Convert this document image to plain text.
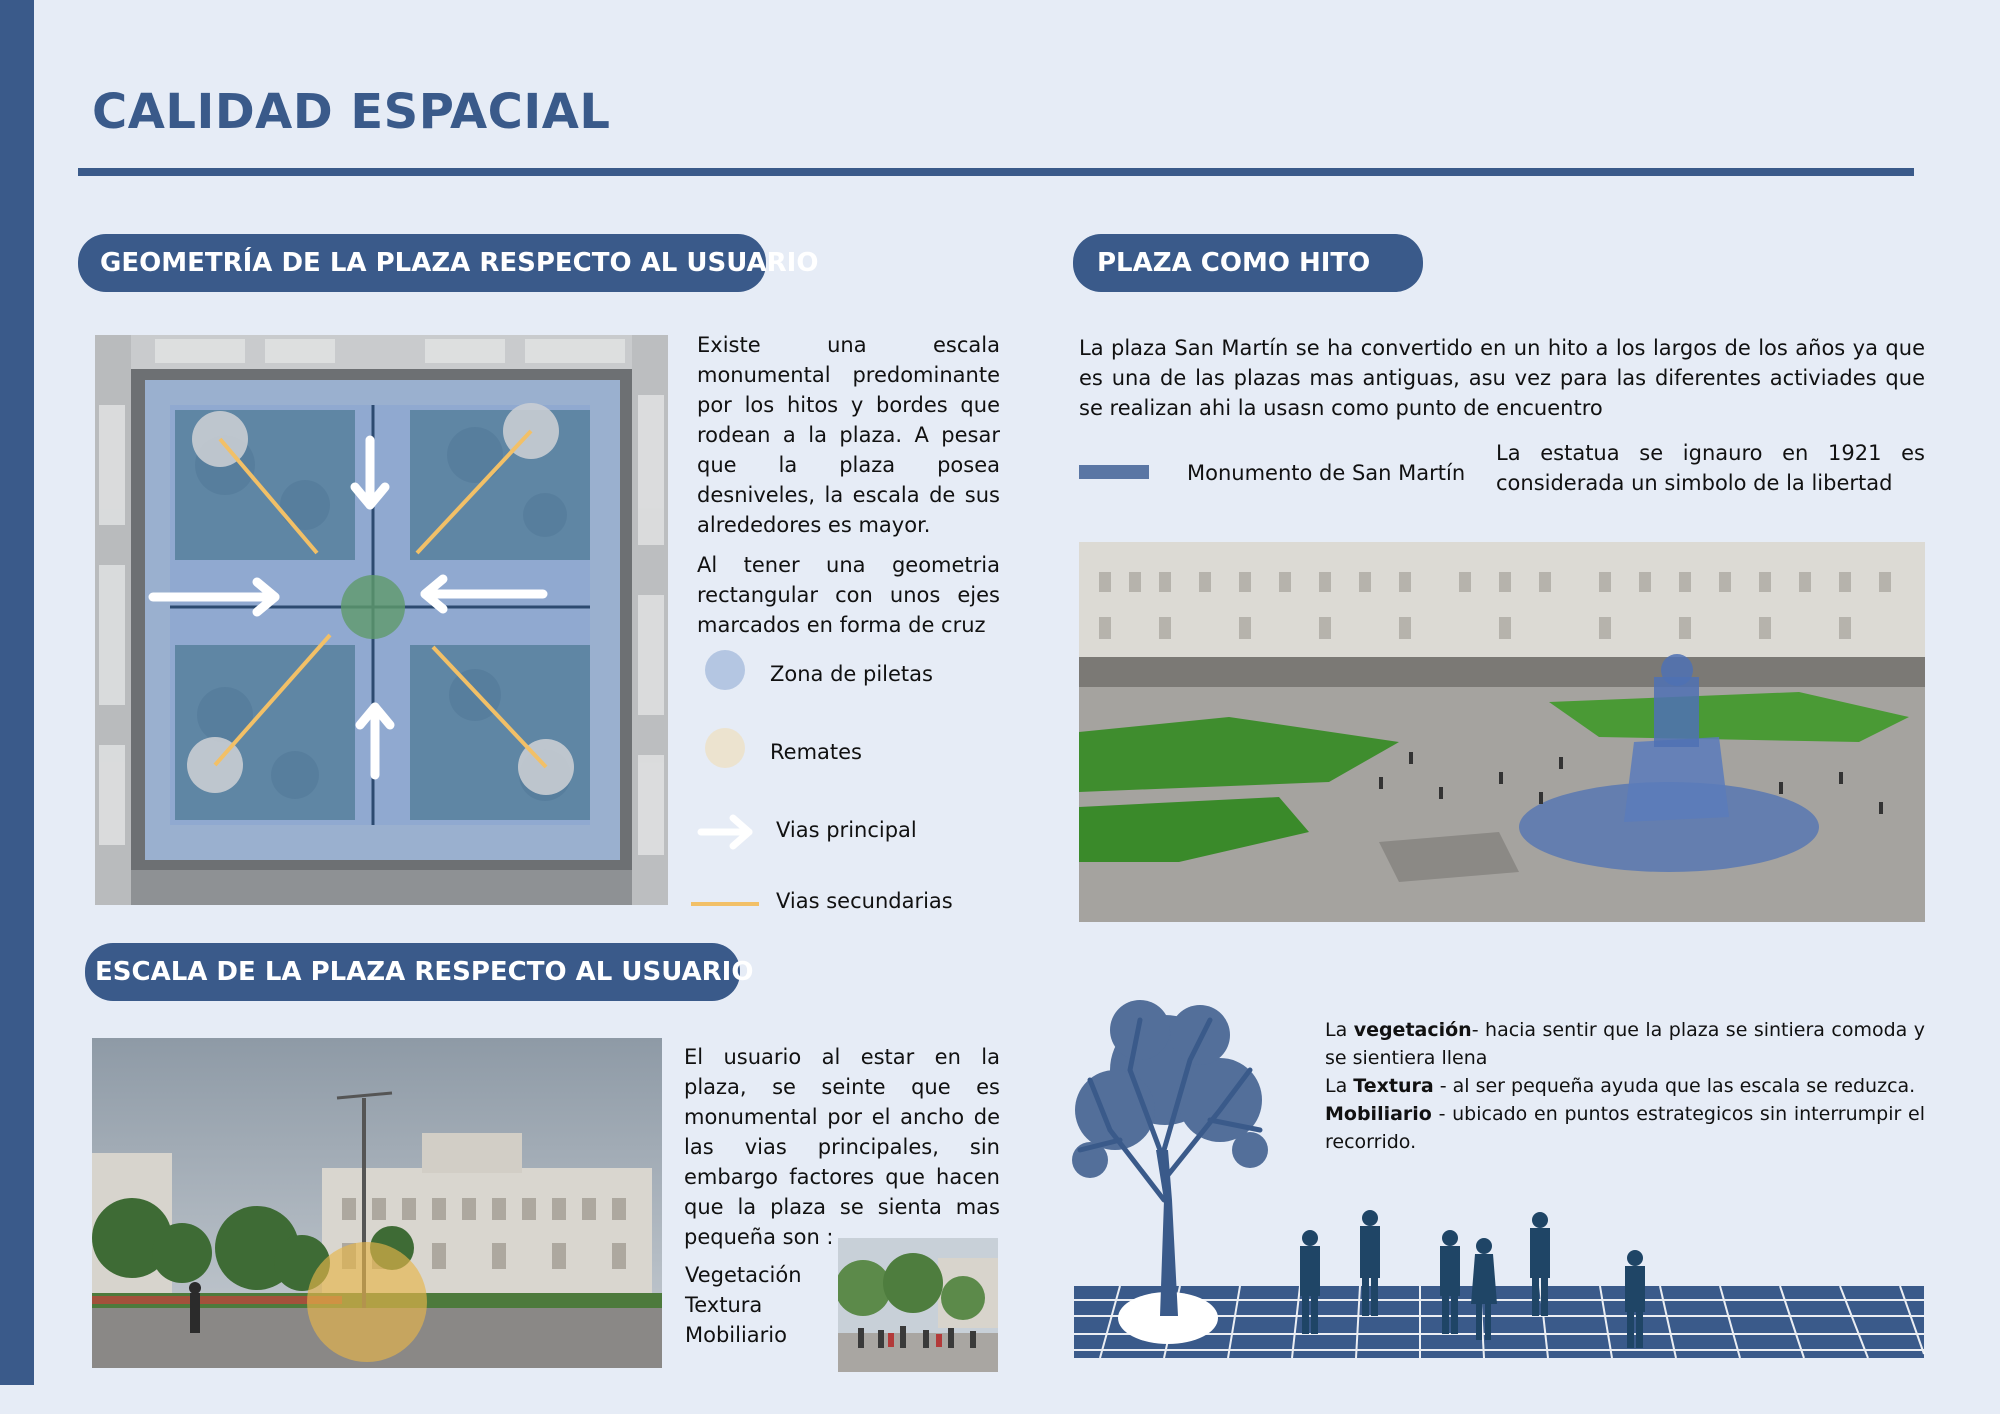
CALIDAD ESPACIAL
GEOMETRÍA DE LA PLAZA RESPECTO AL USUARIO
Existe una escala monumental predominante por los hitos y bordes que rodean a la plaza. A pesar que la plaza posea desniveles, la escala de sus alrededores es mayor.
Al tener una geometria rectangular con unos ejes marcados en forma de cruz
Zona de piletas
Remates
Vias principal
Vias secundarias
ESCALA DE LA PLAZA RESPECTO AL USUARIO
El usuario al estar en la plaza, se seinte que es monumental por el ancho de las vias principales, sin embargo factores que hacen que la plaza se sienta mas pequeña son :
Vegetación
Textura
Mobiliario
PLAZA COMO HITO
La plaza San Martín se ha convertido en un hito a los largos de los años ya que es una de las plazas mas antiguas, asu vez para las diferentes activiades que se realizan ahi la usasn como punto de encuentro
Monumento de San Martín
La estatua se ignauro en 1921 es considerada un simbolo de la libertad
La vegetación- hacia sentir que la plaza se sintiera comoda y se sientiera llena
La Textura - al ser pequeña ayuda que las escala se reduzca.
Mobiliario - ubicado en puntos estrategicos sin interrumpir el recorrido.
